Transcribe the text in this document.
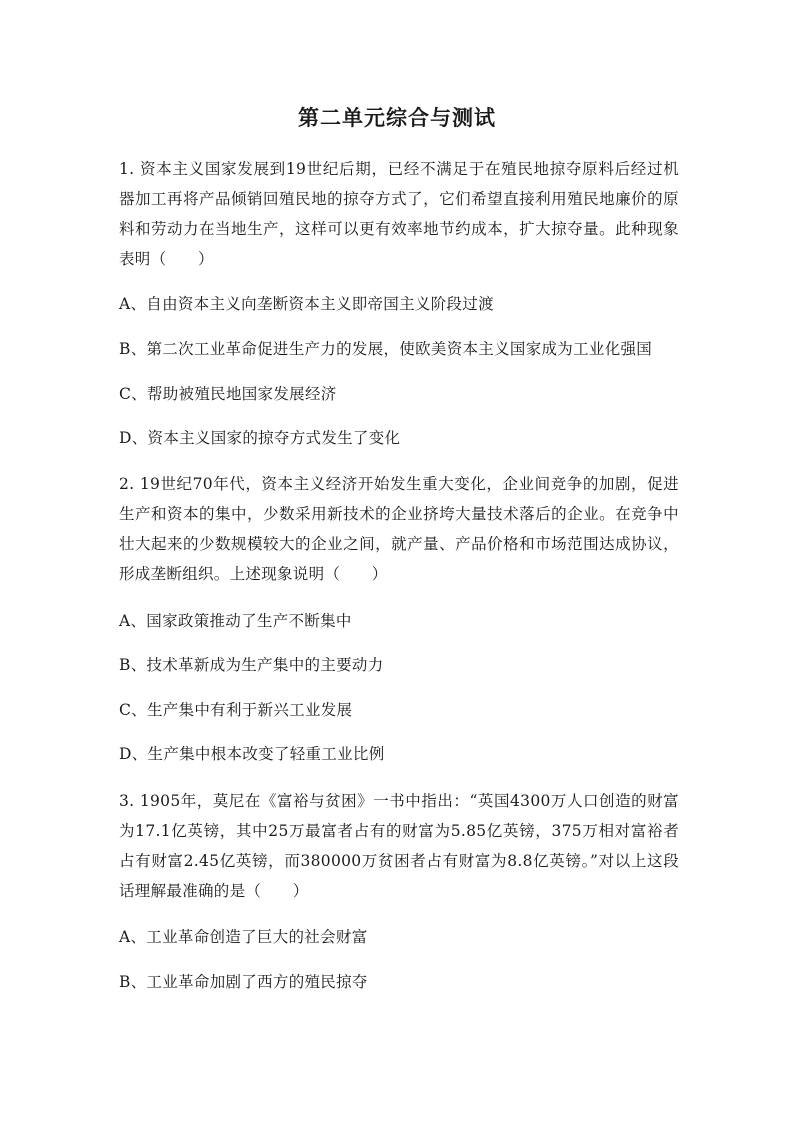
第二单元综合与测试
1. 资本主义国家发展到19世纪后期，已经不满足于在殖民地掠夺原料后经过机器加工再将产品倾销回殖民地的掠夺方式了，它们希望直接利用殖民地廉价的原料和劳动力在当地生产，这样可以更有效率地节约成本，扩大掠夺量。此种现象表明（　　）
A、自由资本主义向垄断资本主义即帝国主义阶段过渡
B、第二次工业革命促进生产力的发展，使欧美资本主义国家成为工业化强国
C、帮助被殖民地国家发展经济
D、资本主义国家的掠夺方式发生了变化
2. 19世纪70年代，资本主义经济开始发生重大变化，企业间竞争的加剧，促进生产和资本的集中，少数采用新技术的企业挤垮大量技术落后的企业。在竞争中壮大起来的少数规模较大的企业之间，就产量、产品价格和市场范围达成协议，形成垄断组织。上述现象说明（　　）
A、国家政策推动了生产不断集中
B、技术革新成为生产集中的主要动力
C、生产集中有利于新兴工业发展
D、生产集中根本改变了轻重工业比例
3. 1905年，莫尼在《富裕与贫困》一书中指出：“英国4300万人口创造的财富为17.1亿英镑，其中25万最富者占有的财富为5.85亿英镑，375万相对富裕者占有财富2.45亿英镑，而380000万贫困者占有财富为8.8亿英镑。”对以上这段话理解最准确的是（　　）
A、工业革命创造了巨大的社会财富
B、工业革命加剧了西方的殖民掠夺
